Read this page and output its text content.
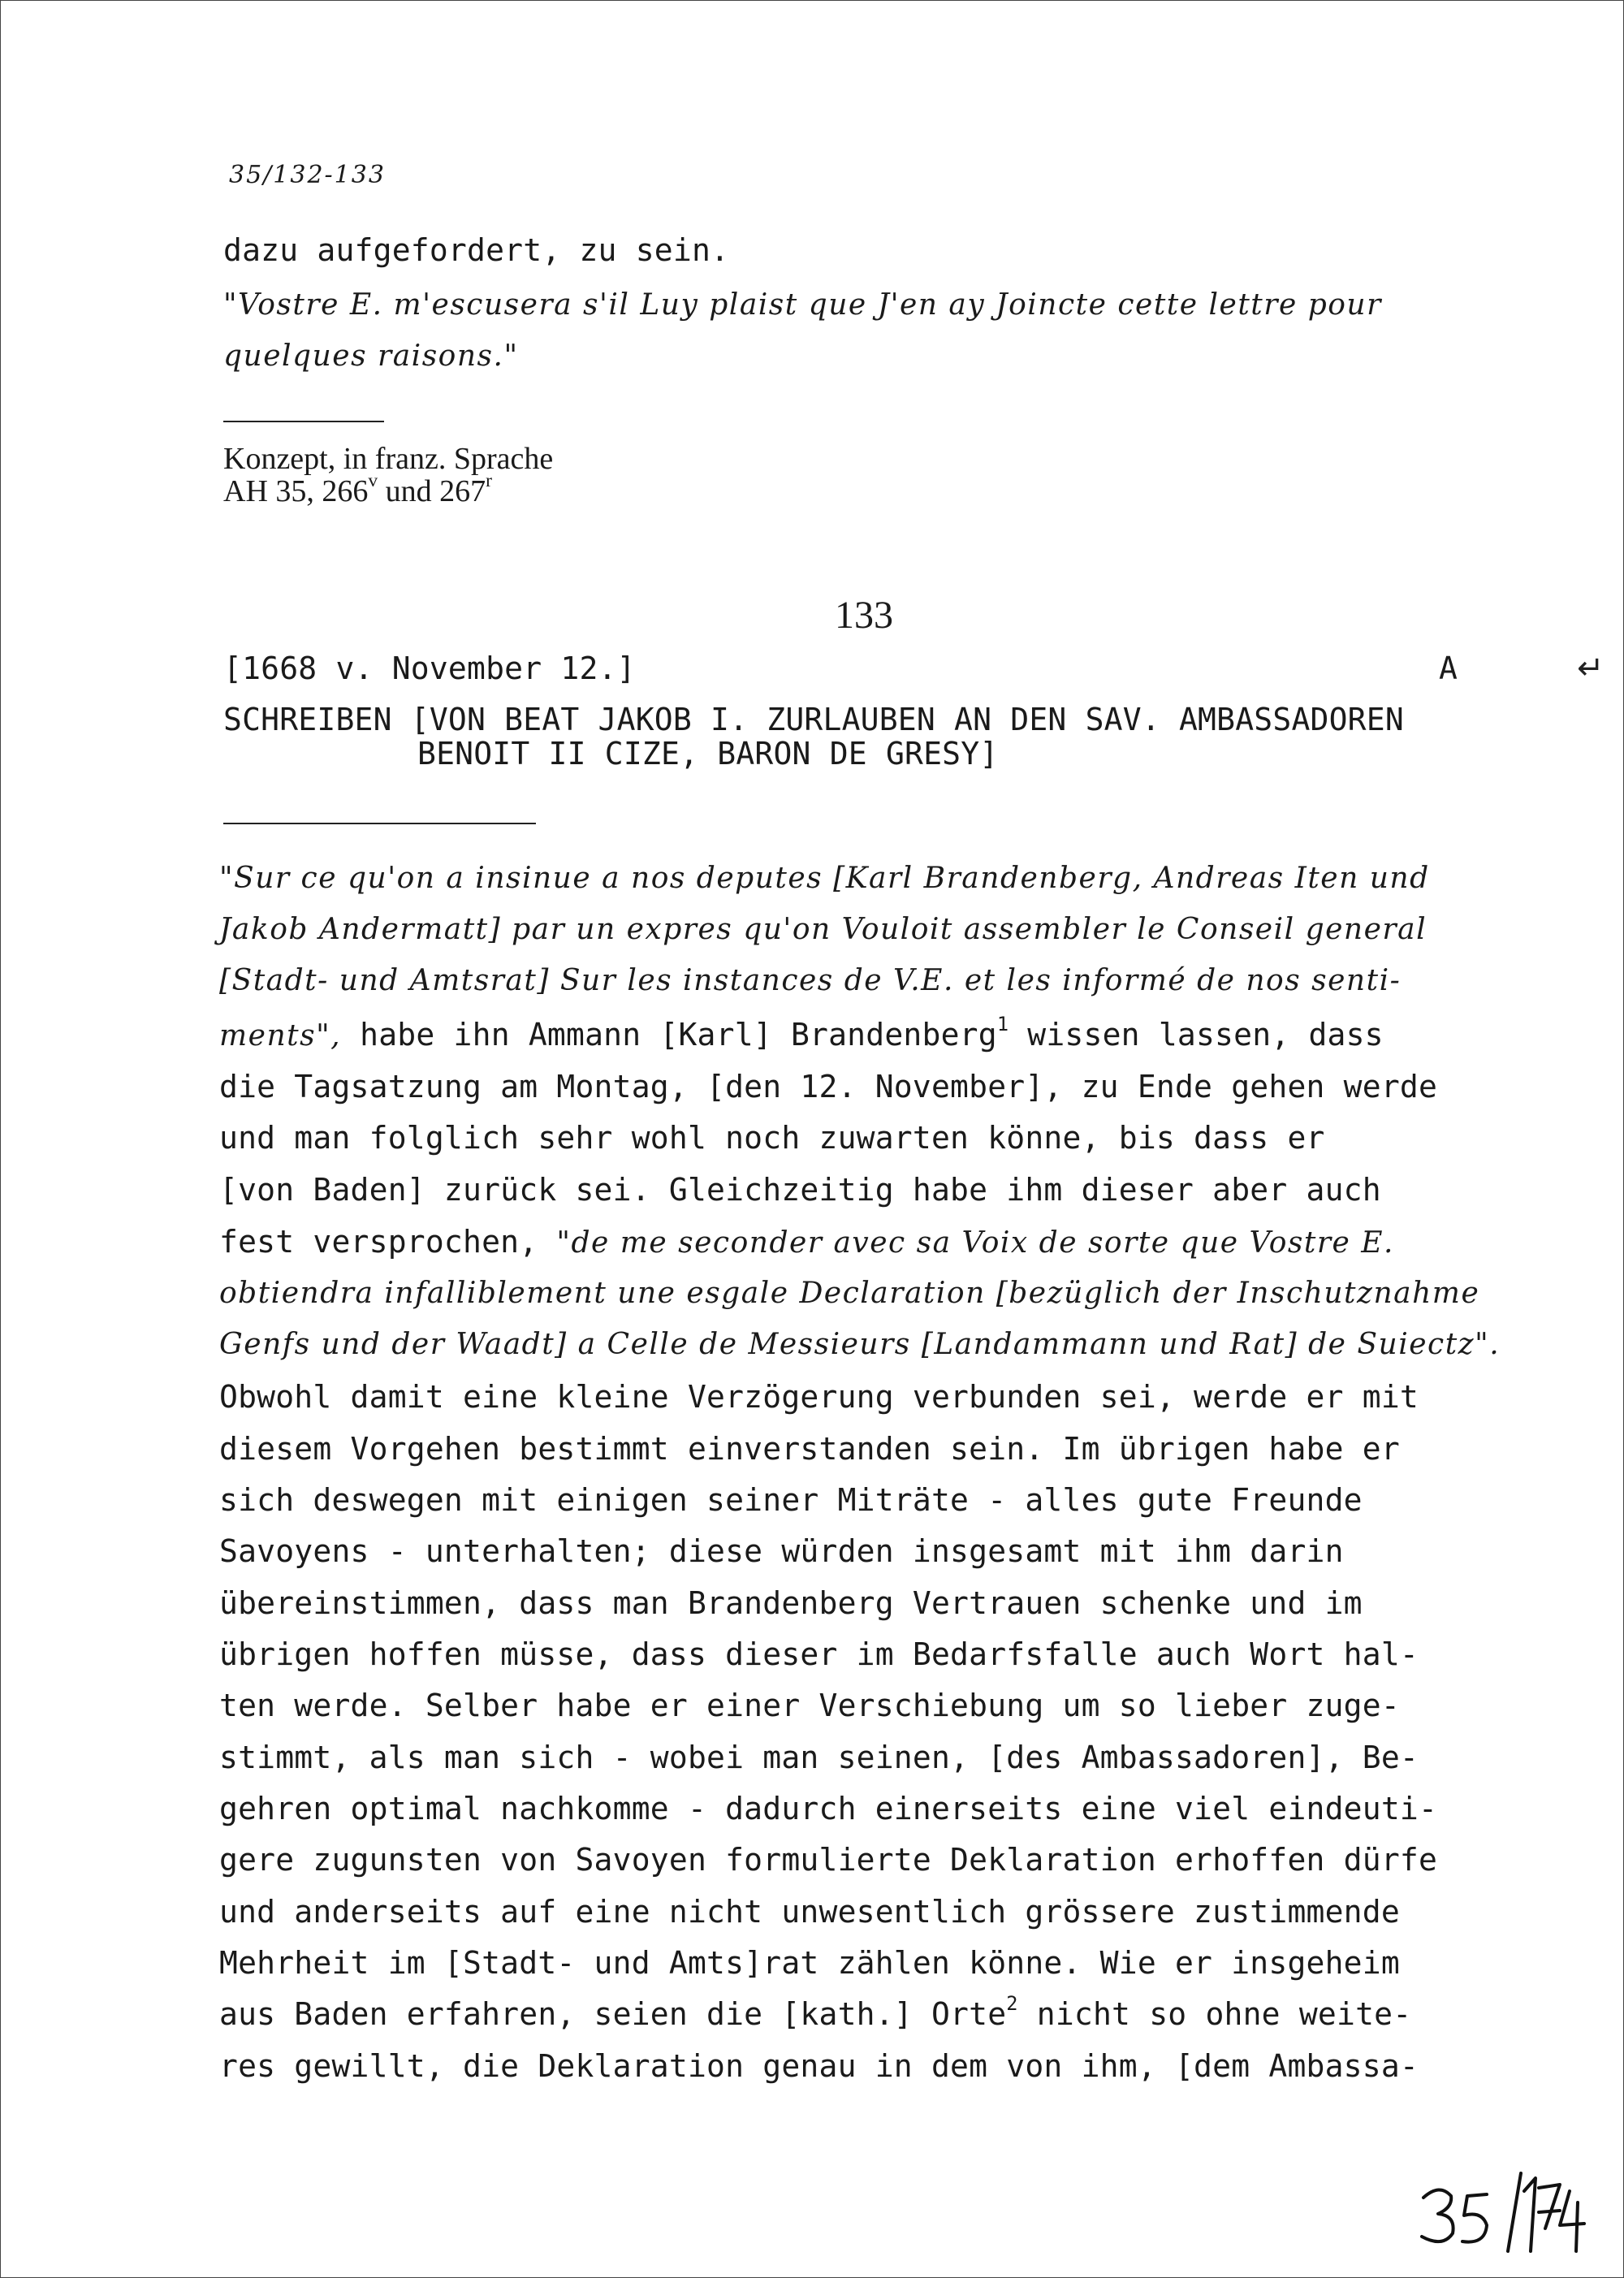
35/132-133
dazu aufgefordert, zu sein.
"Vostre E. m'escusera s'il Luy plaist que J'en ay Joincte cette lettre pour
quelques raisons."
Konzept, in franz. Sprache
AH 35, 266$^v$ und 267$^r$
133
[1668 v. November 12.]	A	↵
SCHREIBEN [VON BEAT JAKOB I. ZURLAUBEN AN DEN SAV. AMBASSADOREN
BENOIT II CIZE, BARON DE GRESY]
"Sur ce qu'on a insinue a nos deputes [Karl Brandenberg, Andreas Iten und
Jakob Andermatt] par un expres qu'on Vouloit assembler le Conseil general
[Stadt- und Amtsrat] Sur les instances de V.E. et les informé de nos senti-
ments", habe ihn Ammann [Karl] Brandenberg$^1$ wissen lassen, dass
die Tagsatzung am Montag, [den 12. November], zu Ende gehen werde
und man folglich sehr wohl noch zuwarten könne, bis dass er
[von Baden] zurück sei. Gleichzeitig habe ihm dieser aber auch
fest versprochen, "de me seconder avec sa Voix de sorte que Vostre E.
obtiendra infalliblement une esgale Declaration [bezüglich der Inschutznahme
Genfs und der Waadt] a Celle de Messieurs [Landammann und Rat] de Suiectz".
Obwohl damit eine kleine Verzögerung verbunden sei, werde er mit
diesem Vorgehen bestimmt einverstanden sein. Im übrigen habe er
sich deswegen mit einigen seiner Miträte - alles gute Freunde
Savoyens - unterhalten; diese würden insgesamt mit ihm darin
übereinstimmen, dass man Brandenberg Vertrauen schenke und im
übrigen hoffen müsse, dass dieser im Bedarfsfalle auch Wort hal-
ten werde. Selber habe er einer Verschiebung um so lieber zuge-
stimmt, als man sich - wobei man seinen, [des Ambassadoren], Be-
gehren optimal nachkomme - dadurch einerseits eine viel eindeuti-
gere zugunsten von Savoyen formulierte Deklaration erhoffen dürfe
und anderseits auf eine nicht unwesentlich grössere zustimmende
Mehrheit im [Stadt- und Amts]rat zählen könne. Wie er insgeheim
aus Baden erfahren, seien die [kath.] Orte$^2$ nicht so ohne weite-
res gewillt, die Deklaration genau in dem von ihm, [dem Ambassa-
